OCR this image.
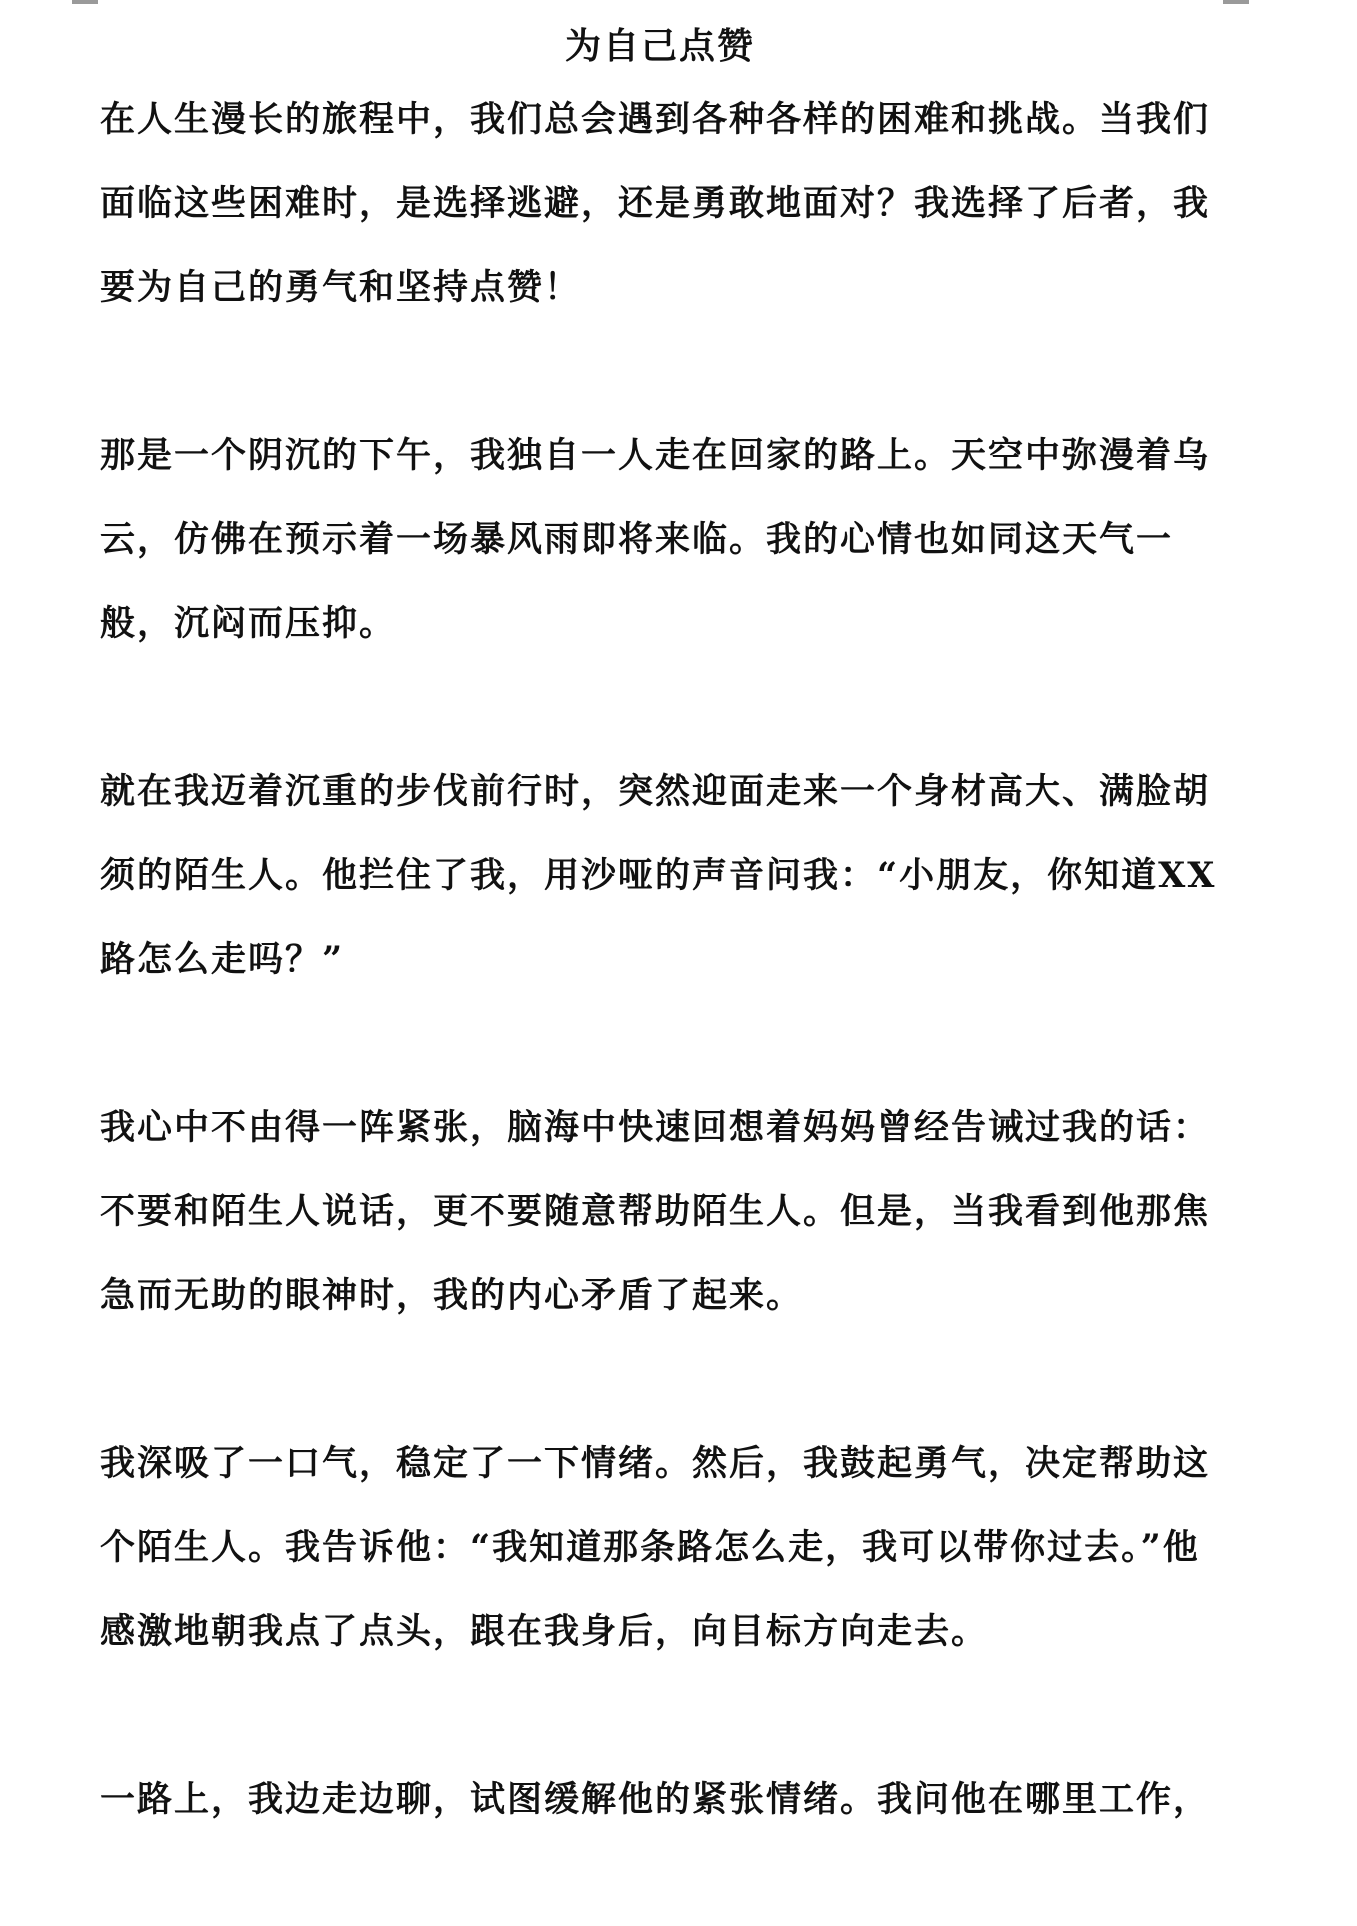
为自己点赞

在人生漫长的旅程中，我们总会遇到各种各样的困难和挑战。当我们面临这些困难时，是选择逃避，还是勇敢地面对？我选择了后者，我要为自己的勇气和坚持点赞！

那是一个阴沉的下午，我独自一人走在回家的路上。天空中弥漫着乌云，仿佛在预示着一场暴风雨即将来临。我的心情也如同这天气一般，沉闷而压抑。

就在我迈着沉重的步伐前行时，突然迎面走来一个身材高大、满脸胡须的陌生人。他拦住了我，用沙哑的声音问我：“小朋友，你知道XX路怎么走吗？”

我心中不由得一阵紧张，脑海中快速回想着妈妈曾经告诫过我的话：不要和陌生人说话，更不要随意帮助陌生人。但是，当我看到他那焦急而无助的眼神时，我的内心矛盾了起来。

我深吸了一口气，稳定了一下情绪。然后，我鼓起勇气，决定帮助这个陌生人。我告诉他：“我知道那条路怎么走，我可以带你过去。”他感激地朝我点了点头，跟在我身后，向目标方向走去。

一路上，我边走边聊，试图缓解他的紧张情绪。我问他在哪里工作，
